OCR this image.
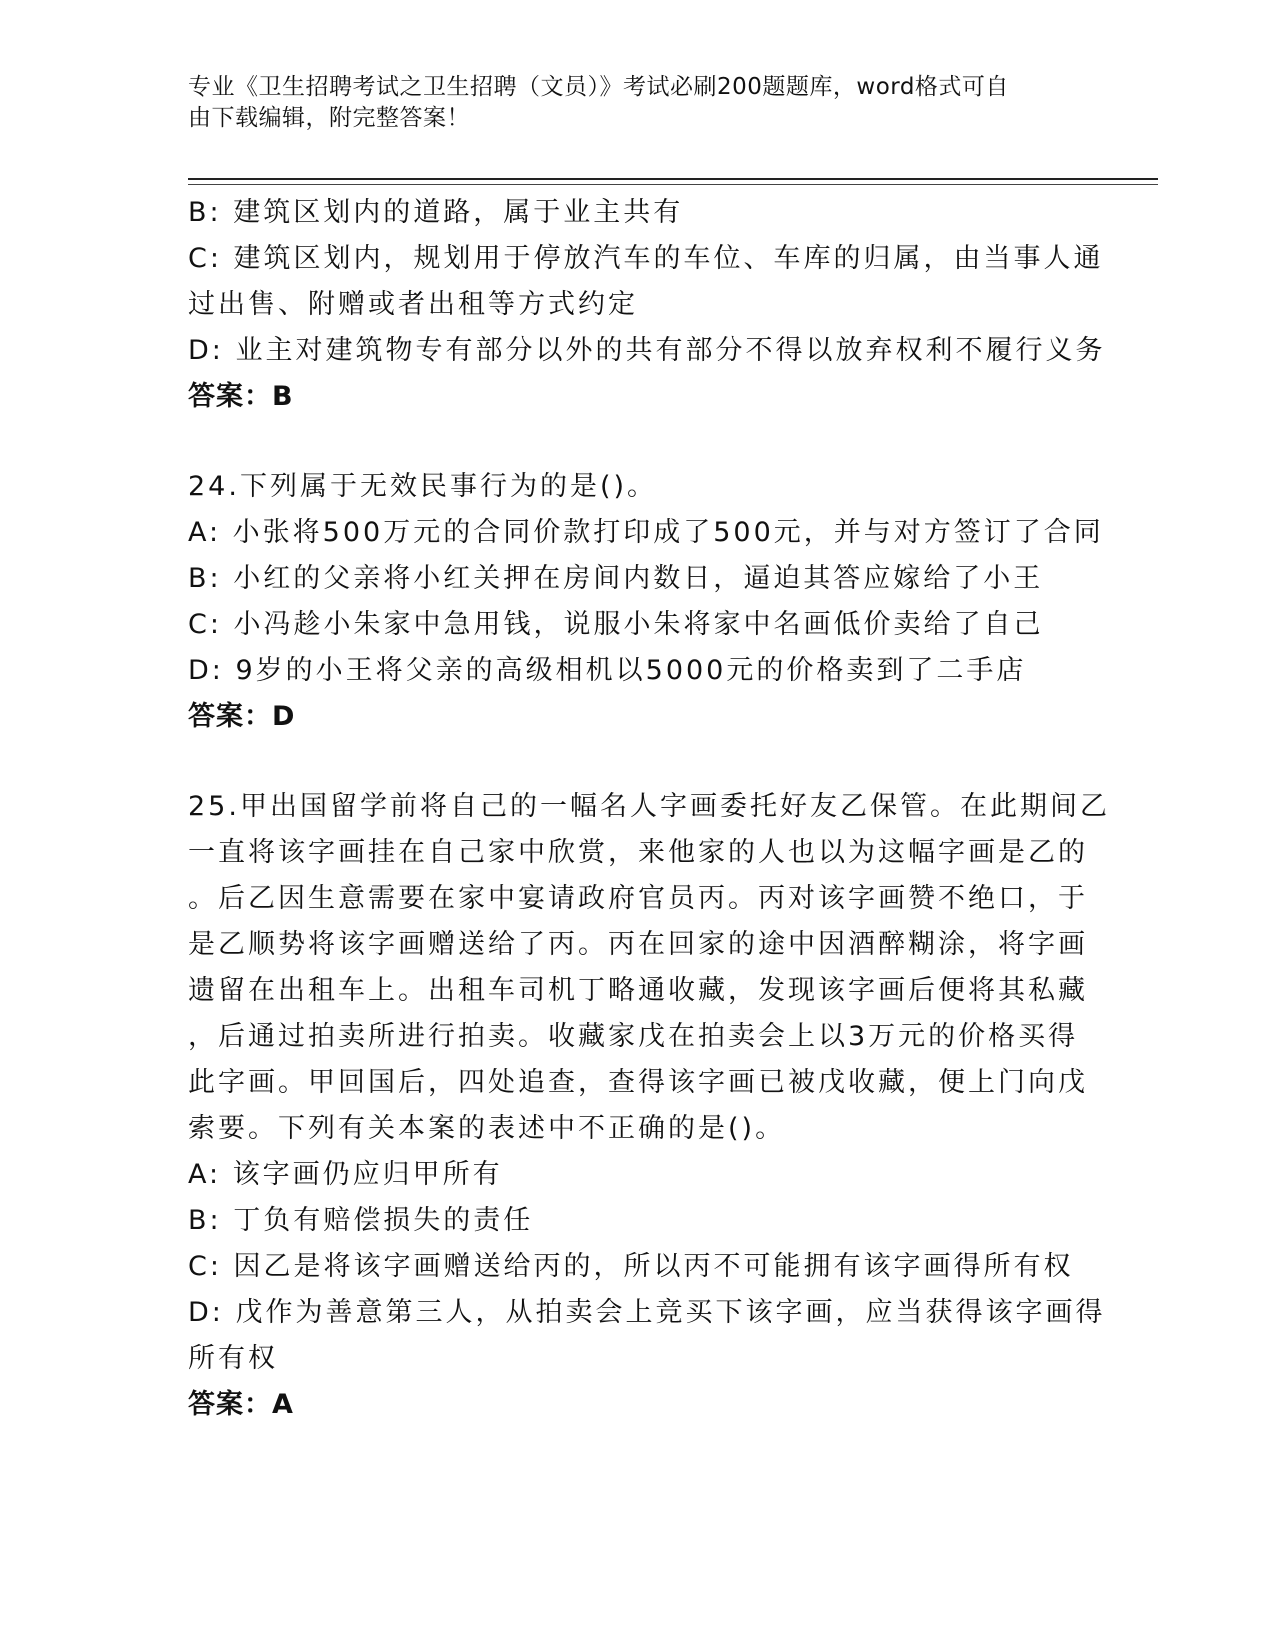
专业《卫生招聘考试之卫生招聘（文员）》考试必刷200题题库，word格式可自
由下载编辑，附完整答案！
B: 建筑区划内的道路，属于业主共有
C: 建筑区划内，规划用于停放汽车的车位、车库的归属，由当事人通
过出售、附赠或者出租等方式约定
D: 业主对建筑物专有部分以外的共有部分不得以放弃权利不履行义务
答案：B
24.下列属于无效民事行为的是()。
A: 小张将500万元的合同价款打印成了500元，并与对方签订了合同
B: 小红的父亲将小红关押在房间内数日，逼迫其答应嫁给了小王
C: 小冯趁小朱家中急用钱，说服小朱将家中名画低价卖给了自己
D: 9岁的小王将父亲的高级相机以5000元的价格卖到了二手店
答案：D
25.甲出国留学前将自己的一幅名人字画委托好友乙保管。在此期间乙
一直将该字画挂在自己家中欣赏，来他家的人也以为这幅字画是乙的
。后乙因生意需要在家中宴请政府官员丙。丙对该字画赞不绝口，于
是乙顺势将该字画赠送给了丙。丙在回家的途中因酒醉糊涂，将字画
遗留在出租车上。出租车司机丁略通收藏，发现该字画后便将其私藏
，后通过拍卖所进行拍卖。收藏家戊在拍卖会上以3万元的价格买得
此字画。甲回国后，四处追查，查得该字画已被戊收藏，便上门向戊
索要。下列有关本案的表述中不正确的是()。
A: 该字画仍应归甲所有
B: 丁负有赔偿损失的责任
C: 因乙是将该字画赠送给丙的，所以丙不可能拥有该字画得所有权
D: 戊作为善意第三人，从拍卖会上竞买下该字画，应当获得该字画得
所有权
答案：A
